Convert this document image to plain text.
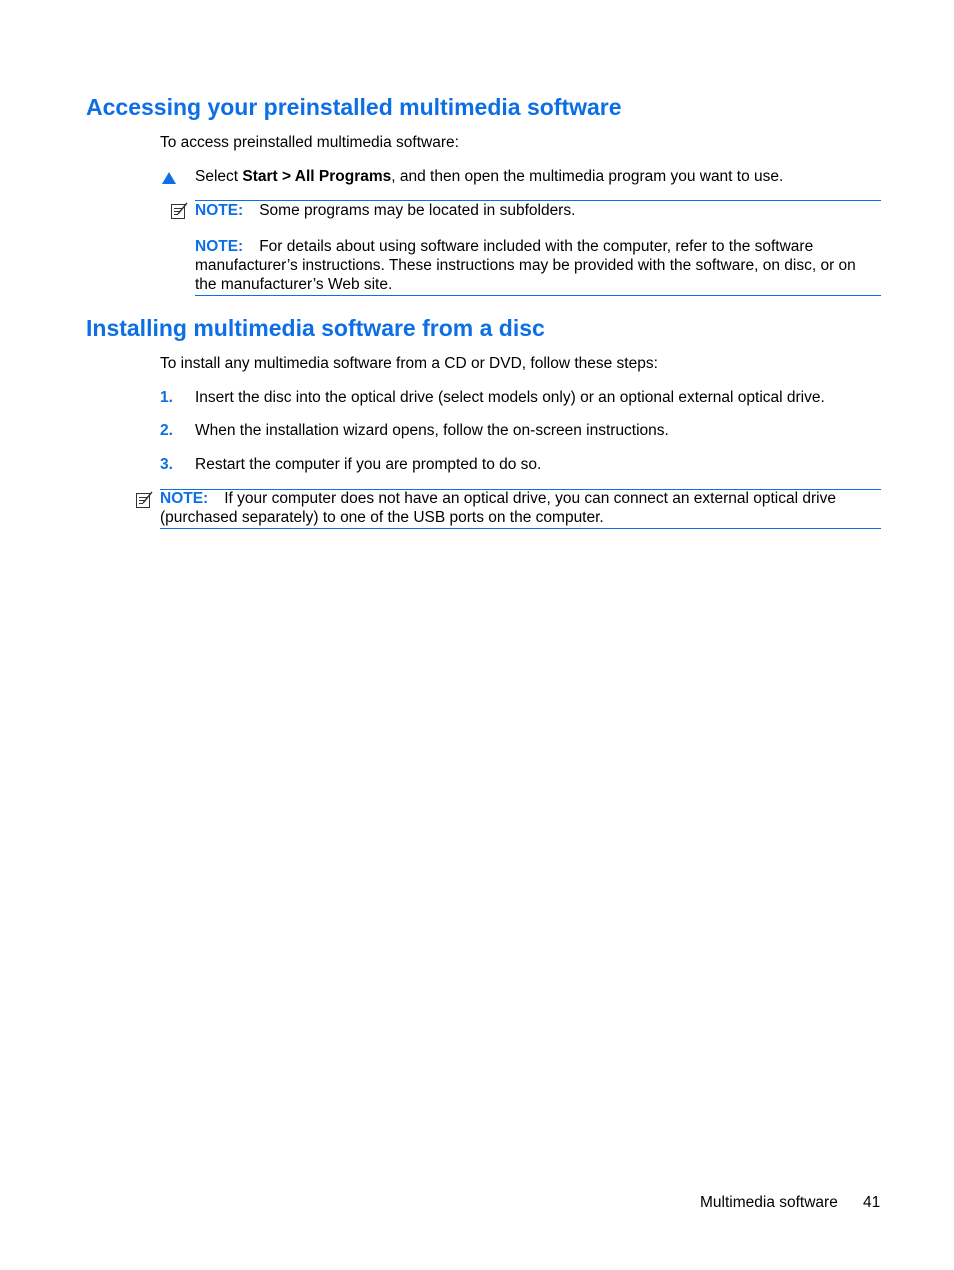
Accessing your preinstalled multimedia software
To access preinstalled multimedia software:
Select Start > All Programs, and then open the multimedia program you want to use.
NOTE: Some programs may be located in subfolders.
NOTE: For details about using software included with the computer, refer to the software
manufacturer’s instructions. These instructions may be provided with the software, on disc, or on
the manufacturer’s Web site.
Installing multimedia software from a disc
To install any multimedia software from a CD or DVD, follow these steps:
1. Insert the disc into the optical drive (select models only) or an optional external optical drive.
2. When the installation wizard opens, follow the on-screen instructions.
3. Restart the computer if you are prompted to do so.
NOTE: If your computer does not have an optical drive, you can connect an external optical drive
(purchased separately) to one of the USB ports on the computer.
Multimedia software 41
